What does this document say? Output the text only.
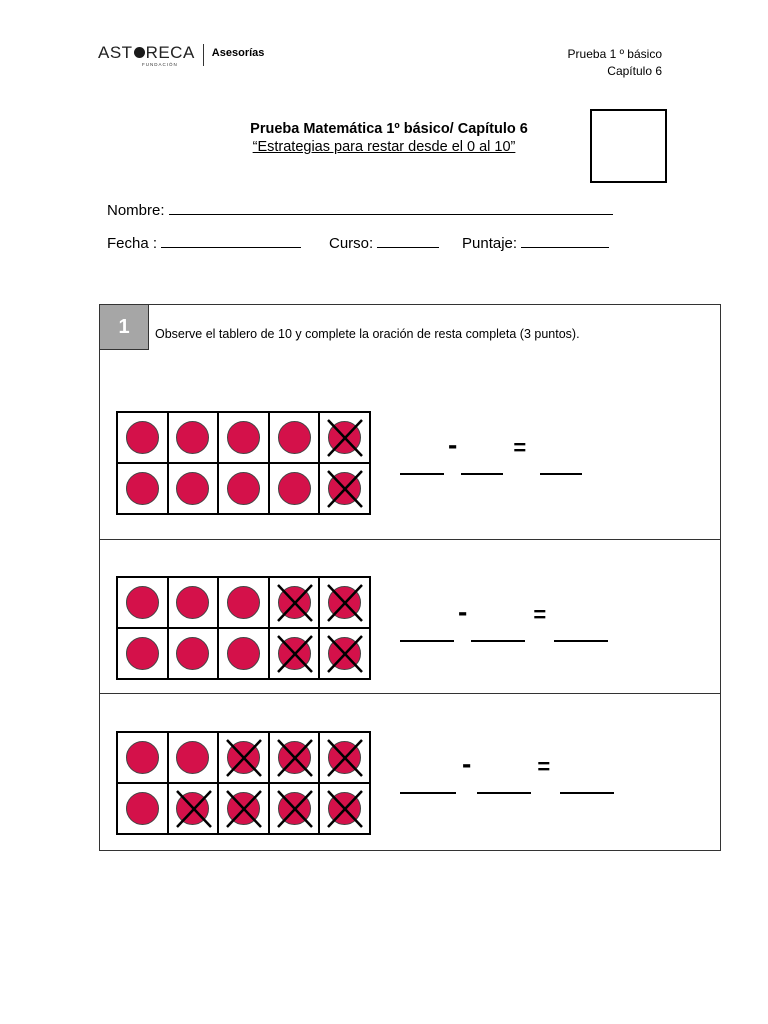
AST RECA
FUNDACIÓN
Asesorías	Prueba 1 º básico
Capítulo 6
Prueba Matemática 1º básico/ Capítulo 6
“Estrategias para restar desde el 0 al 10”
Nombre:
Fecha :	Curso:	Puntaje:
1	Observe el tablero de 10 y complete la oración de resta completa (3 puntos).
-	=
-	=
-	=
